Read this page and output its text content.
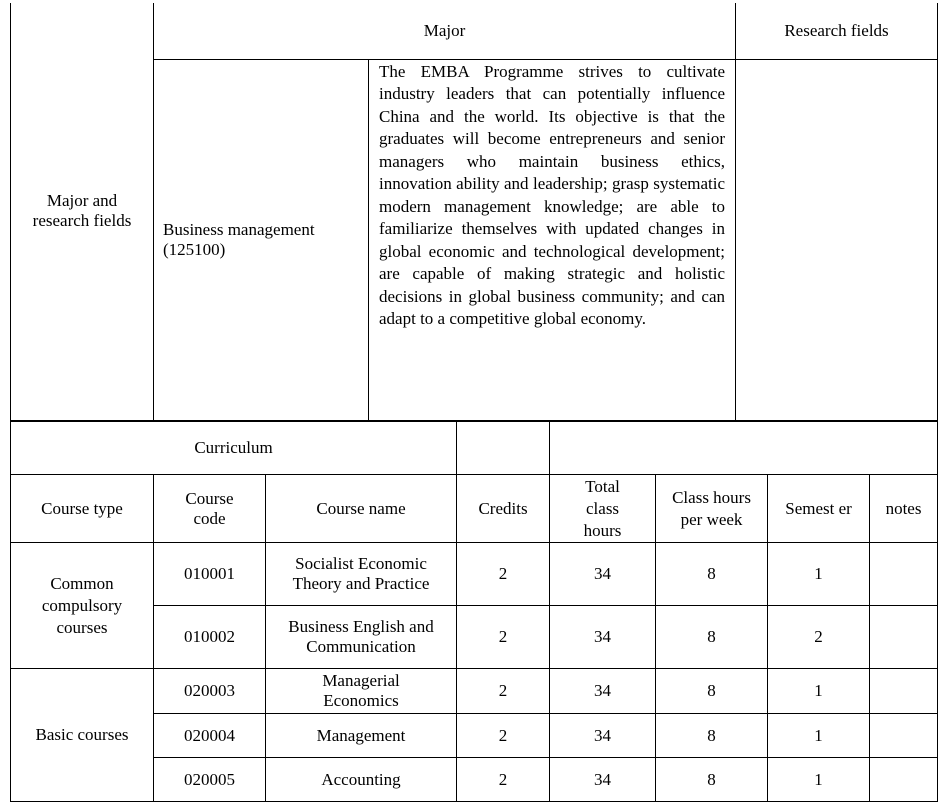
Major and research fields	Major		Research fields

	Business management (125100)	The EMBA Programme strives to cultivate industry leaders that can potentially influence China and the world. Its objective is that the graduates will become entrepreneurs and senior managers who maintain business ethics, innovation ability and leadership; grasp systematic modern management knowledge; are able to familiarize themselves with updated changes in global economic and technological development; are capable of making strategic and holistic decisions in global business community; and can adapt to a competitive global economy.	

Curriculum							

Course type	Course code	Course name	Credits	Total class hours	Class hours per week	Semest er	notes

Common compulsory courses	010001	Socialist Economic Theory and Practice	2	34	8	1	
	010002	Business English and Communication	2	34	8	2	

Basic courses	020003	Managerial Economics	2	34	8	1	
	020004	Management	2	34	8	1	
	020005	Accounting	2	34	8	1	
